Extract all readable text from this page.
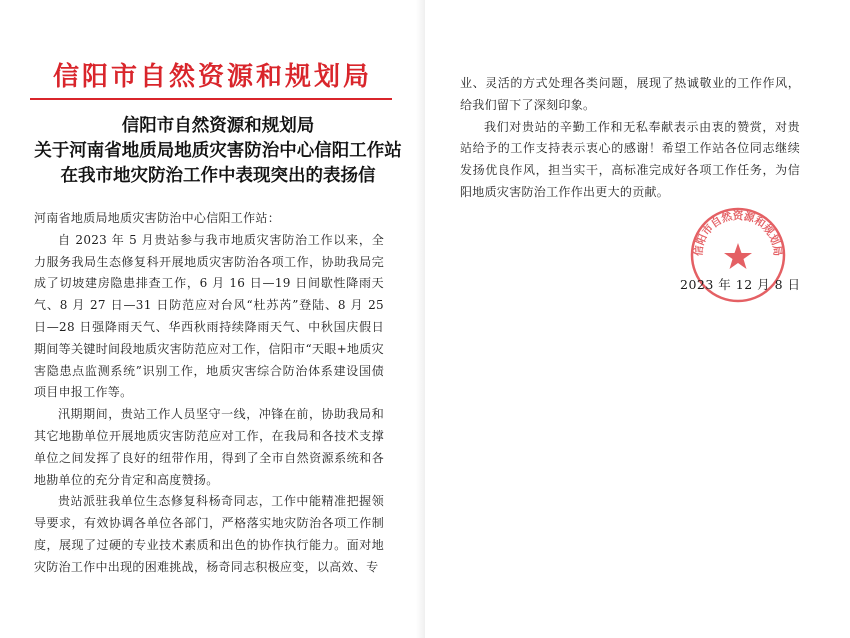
信阳市自然资源和规划局
信阳市自然资源和规划局
关于河南省地质局地质灾害防治中心信阳工作站
在我市地灾防治工作中表现突出的表扬信

河南省地质局地质灾害防治中心信阳工作站：

自 2023 年 5 月贵站参与我市地质灾害防治工作以来，全力服务我局生态修复科开展地质灾害防治各项工作，协助我局完成了切坡建房隐患排查工作，6 月 16 日—19 日间歇性降雨天气、8 月 27 日—31 日防范应对台风“杜苏芮”登陆、8 月 25 日—28 日强降雨天气、华西秋雨持续降雨天气、中秋国庆假日期间等关键时间段地质灾害防范应对工作，信阳市“天眼+地质灾害隐患点监测系统”识别工作，地质灾害综合防治体系建设国债项目申报工作等。

汛期期间，贵站工作人员坚守一线，冲锋在前，协助我局和其它地勘单位开展地质灾害防范应对工作，在我局和各技术支撑单位之间发挥了良好的纽带作用，得到了全市自然资源系统和各地勘单位的充分肯定和高度赞扬。

贵站派驻我单位生态修复科杨奇同志，工作中能精准把握领导要求，有效协调各单位各部门，严格落实地灾防治各项工作制度，展现了过硬的专业技术素质和出色的协作执行能力。面对地灾防治工作中出现的困难挑战，杨奇同志积极应变，以高效、专

业、灵活的方式处理各类问题，展现了热诚敬业的工作作风，给我们留下了深刻印象。

我们对贵站的辛勤工作和无私奉献表示由衷的赞赏，对贵站给予的工作支持表示衷心的感谢！希望工作站各位同志继续发扬优良作风，担当实干，高标准完成好各项工作任务，为信阳地质灾害防治工作作出更大的贡献。

信阳市自然资源和规划局
2023 年 12 月 8 日
